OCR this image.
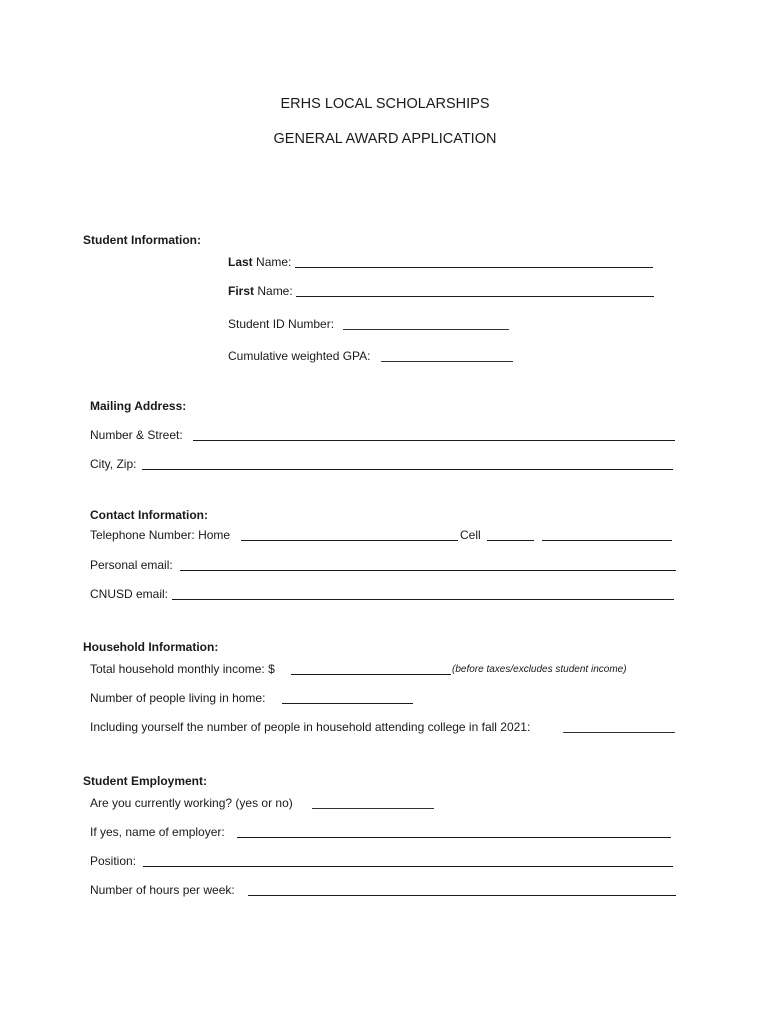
ERHS LOCAL SCHOLARSHIPS
GENERAL AWARD APPLICATION
Student Information:
Last Name:
First Name:
Student ID Number:
Cumulative weighted GPA:
Mailing Address:
Number & Street:
City, Zip:
Contact Information:
Telephone Number: Home	Cell
Personal email:
CNUSD email:
Household Information:
Total household monthly income: $	(before taxes/excludes student income)
Number of people living in home:
Including yourself the number of people in household attending college in fall 2021:
Student Employment:
Are you currently working? (yes or no)
If yes, name of employer:
Position:
Number of hours per week:
